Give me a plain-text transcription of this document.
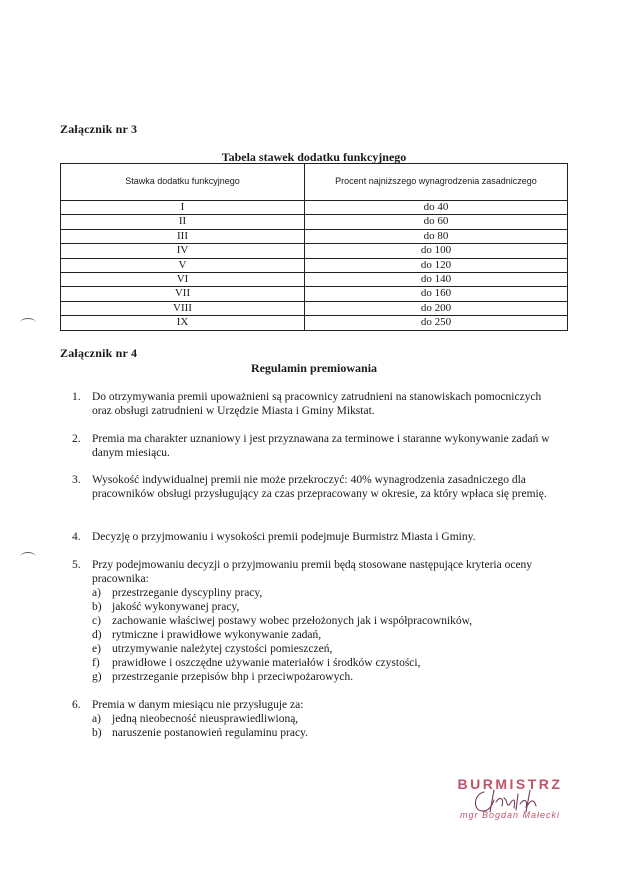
Załącznik nr 3
Tabela stawek dodatku funkcyjnego
Stawka dodatku funkcyjnego	Procent najniższego wynagrodzenia zasadniczego
I	do 40
II	do 60
III	do 80
IV	do 100
V	do 120
VI	do 140
VII	do 160
VIII	do 200
IX	do 250
Załącznik nr 4
Regulamin premiowania
1. Do otrzymywania premii upoważnieni są pracownicy zatrudnieni na stanowiskach pomocniczych oraz obsługi zatrudnieni w Urzędzie Miasta i Gminy Mikstat.
2. Premia ma charakter uznaniowy i jest przyznawana za terminowe i staranne wykonywanie zadań w danym miesiącu.
3. Wysokość indywidualnej premii nie może przekroczyć: 40% wynagrodzenia zasadniczego dla pracowników obsługi przysługujący za czas przepracowany w okresie, za który wpłaca się premię.
4. Decyzję o przyjmowaniu i wysokości premii podejmuje Burmistrz Miasta i Gminy.
5. Przy podejmowaniu decyzji o przyjmowaniu premii będą stosowane następujące kryteria oceny pracownika:
a) przestrzeganie dyscypliny pracy,
b) jakość wykonywanej pracy,
c) zachowanie właściwej postawy wobec przełożonych jak i współpracowników,
d) rytmiczne i prawidłowe wykonywanie zadań,
e) utrzymywanie należytej czystości pomieszczeń,
f) prawidłowe i oszczędne używanie materiałów i środków czystości,
g) przestrzeganie przepisów bhp i przeciwpożarowych.
6. Premia w danym miesiącu nie przysługuje za:
a) jedną nieobecność nieusprawiedliwioną,
b) naruszenie postanowień regulaminu pracy.
BURMISTRZ
mgr Bogdan Małecki
